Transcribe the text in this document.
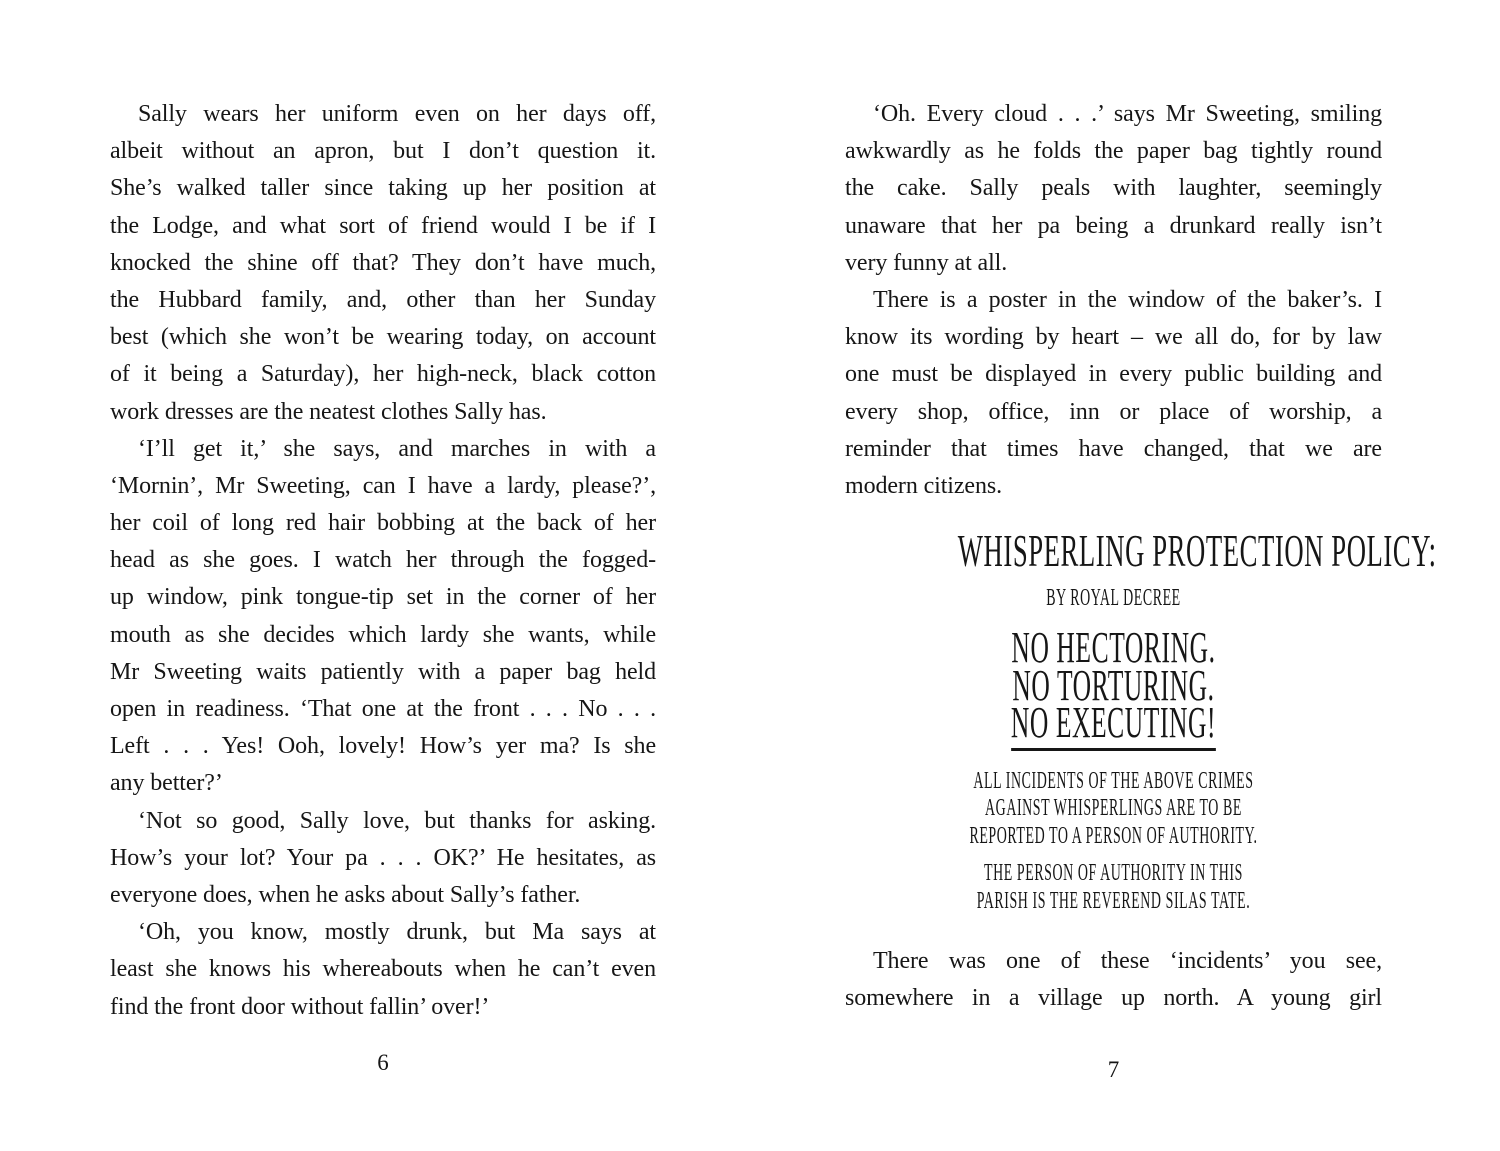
Sally wears her uniform even on her days off,
albeit without an apron, but I don’t question it.
She’s walked taller since taking up her position at
the Lodge, and what sort of friend would I be if I
knocked the shine off that? They don’t have much,
the Hubbard family, and, other than her Sunday
best (which she won’t be wearing today, on account
of it being a Saturday), her high-neck, black cotton
work dresses are the neatest clothes Sally has.
‘I’ll get it,’ she says, and marches in with a
‘Mornin’, Mr Sweeting, can I have a lardy, please?’,
her coil of long red hair bobbing at the back of her
head as she goes. I watch her through the fogged-
up window, pink tongue-tip set in the corner of her
mouth as she decides which lardy she wants, while
Mr Sweeting waits patiently with a paper bag held
open in readiness. ‘That one at the front . . . No . . .
Left . . . Yes! Ooh, lovely! How’s yer ma? Is she
any better?’
‘Not so good, Sally love, but thanks for asking.
How’s your lot? Your pa . . . OK?’ He hesitates, as
everyone does, when he asks about Sally’s father.
‘Oh, you know, mostly drunk, but Ma says at
least she knows his whereabouts when he can’t even
find the front door without fallin’ over!’
6
‘Oh. Every cloud . . .’ says Mr Sweeting, smiling
awkwardly as he folds the paper bag tightly round
the cake. Sally peals with laughter, seemingly
unaware that her pa being a drunkard really isn’t
very funny at all.
There is a poster in the window of the baker’s. I
know its wording by heart – we all do, for by law
one must be displayed in every public building and
every shop, office, inn or place of worship, a
reminder that times have changed, that we are
modern citizens.
WHISPERLING PROTECTION POLICY:
BY ROYAL DECREE
NO HECTORING.
NO TORTURING.
NO EXECUTING!
ALL INCIDENTS OF THE ABOVE CRIMES
AGAINST WHISPERLINGS ARE TO BE
REPORTED TO A PERSON OF AUTHORITY.
THE PERSON OF AUTHORITY IN THIS
PARISH IS THE REVEREND SILAS TATE.
There was one of these ‘incidents’ you see,
somewhere in a village up north. A young girl
7
